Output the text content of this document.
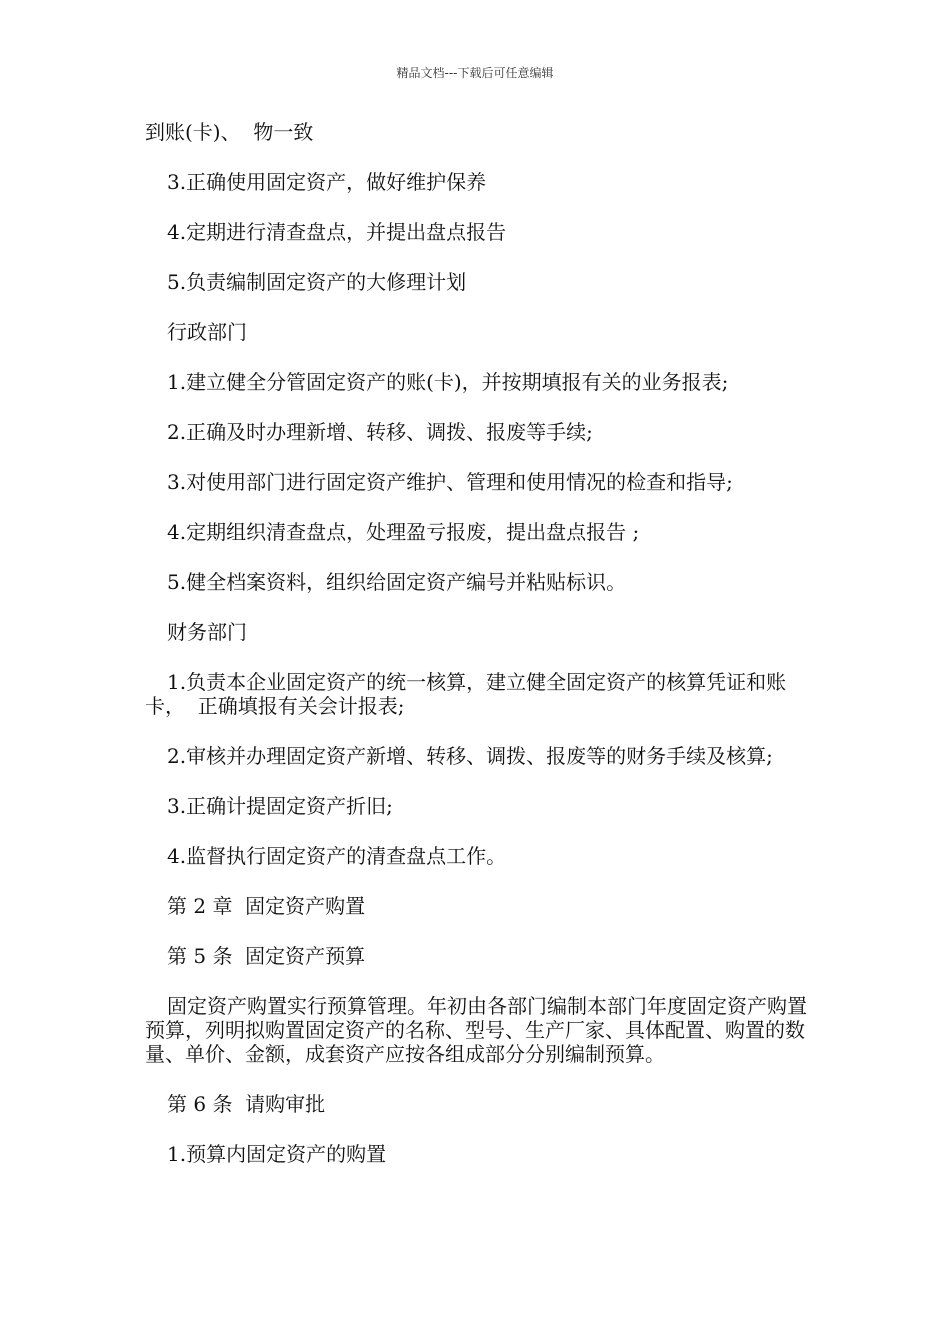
精品文档---下载后可任意编辑

到账(卡)、  物一致

3.正确使用固定资产，做好维护保养

4.定期进行清查盘点，并提出盘点报告

5.负责编制固定资产的大修理计划

行政部门

1.建立健全分管固定资产的账(卡)，并按期填报有关的业务报表;

2.正确及时办理新增、转移、调拨、报废等手续;

3.对使用部门进行固定资产维护、管理和使用情况的检查和指导;

4.定期组织清查盘点，处理盈亏报废，提出盘点报告 ;

5.健全档案资料，组织给固定资产编号并粘贴标识。

财务部门

1.负责本企业固定资产的统一核算，建立健全固定资产的核算凭证和账卡，  正确填报有关会计报表;

2.审核并办理固定资产新增、转移、调拨、报废等的财务手续及核算;

3.正确计提固定资产折旧;

4.监督执行固定资产的清查盘点工作。

第 2 章  固定资产购置

第 5 条  固定资产预算

固定资产购置实行预算管理。年初由各部门编制本部门年度固定资产购置预算，列明拟购置固定资产的名称、型号、生产厂家、具体配置、购置的数量、单价、金额，成套资产应按各组成部分分别编制预算。

第 6 条  请购审批

1.预算内固定资产的购置
